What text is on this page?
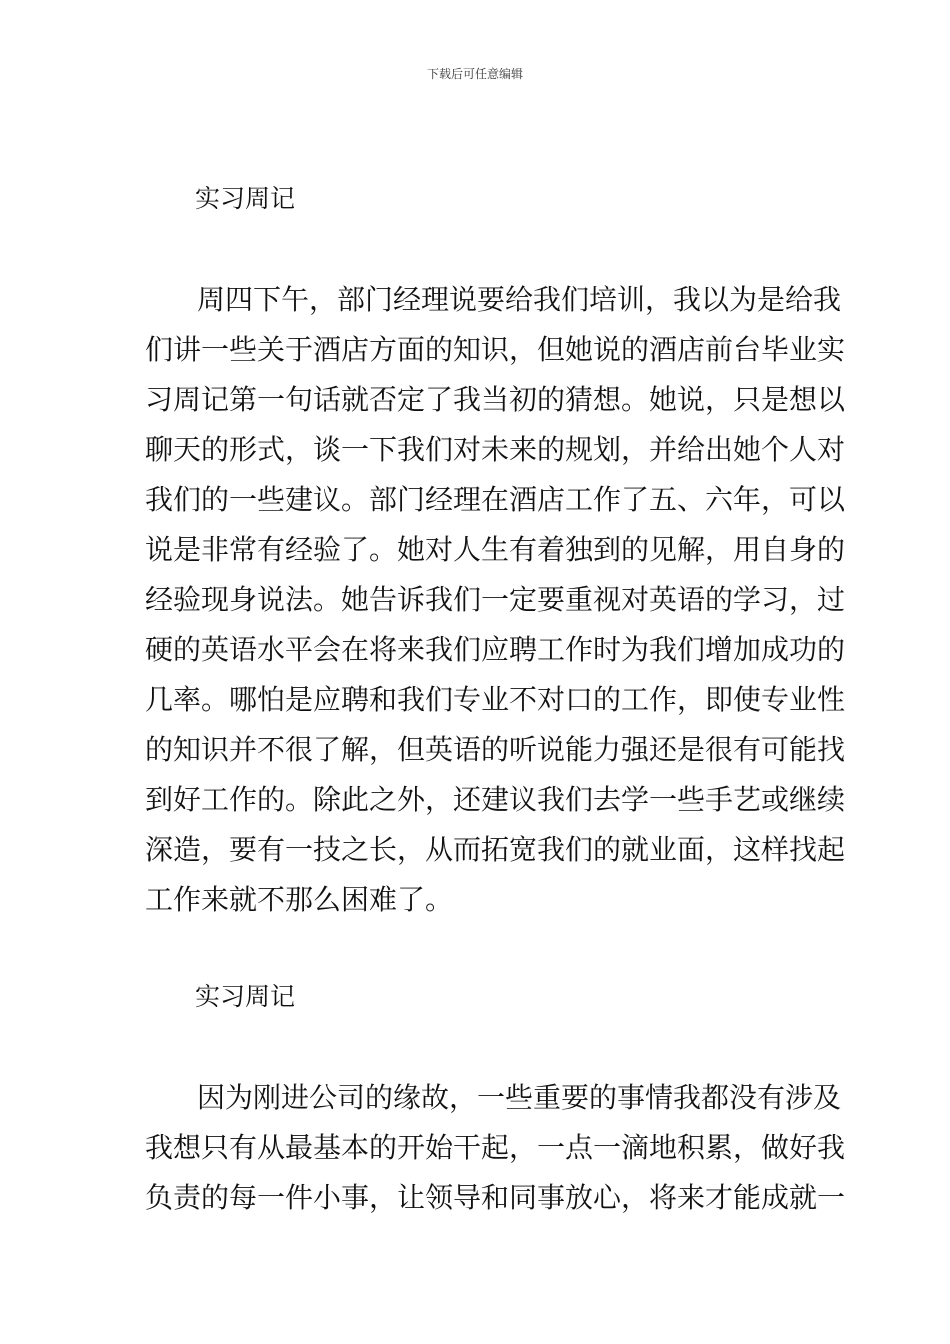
下载后可任意编辑
实习周记
周四下午，部门经理说要给我们培训，我以为是给我
们讲一些关于酒店方面的知识，但她说的酒店前台毕业实
习周记第一句话就否定了我当初的猜想。她说，只是想以
聊天的形式，谈一下我们对未来的规划，并给出她个人对
我们的一些建议。部门经理在酒店工作了五、六年，可以
说是非常有经验了。她对人生有着独到的见解，用自身的
经验现身说法。她告诉我们一定要重视对英语的学习，过
硬的英语水平会在将来我们应聘工作时为我们增加成功的
几率。哪怕是应聘和我们专业不对口的工作，即使专业性
的知识并不很了解，但英语的听说能力强还是很有可能找
到好工作的。除此之外，还建议我们去学一些手艺或继续
深造，要有一技之长，从而拓宽我们的就业面，这样找起
工作来就不那么困难了。
实习周记
因为刚进公司的缘故，一些重要的事情我都没有涉及
我想只有从最基本的开始干起，一点一滴地积累，做好我
负责的每一件小事，让领导和同事放心，将来才能成就一
